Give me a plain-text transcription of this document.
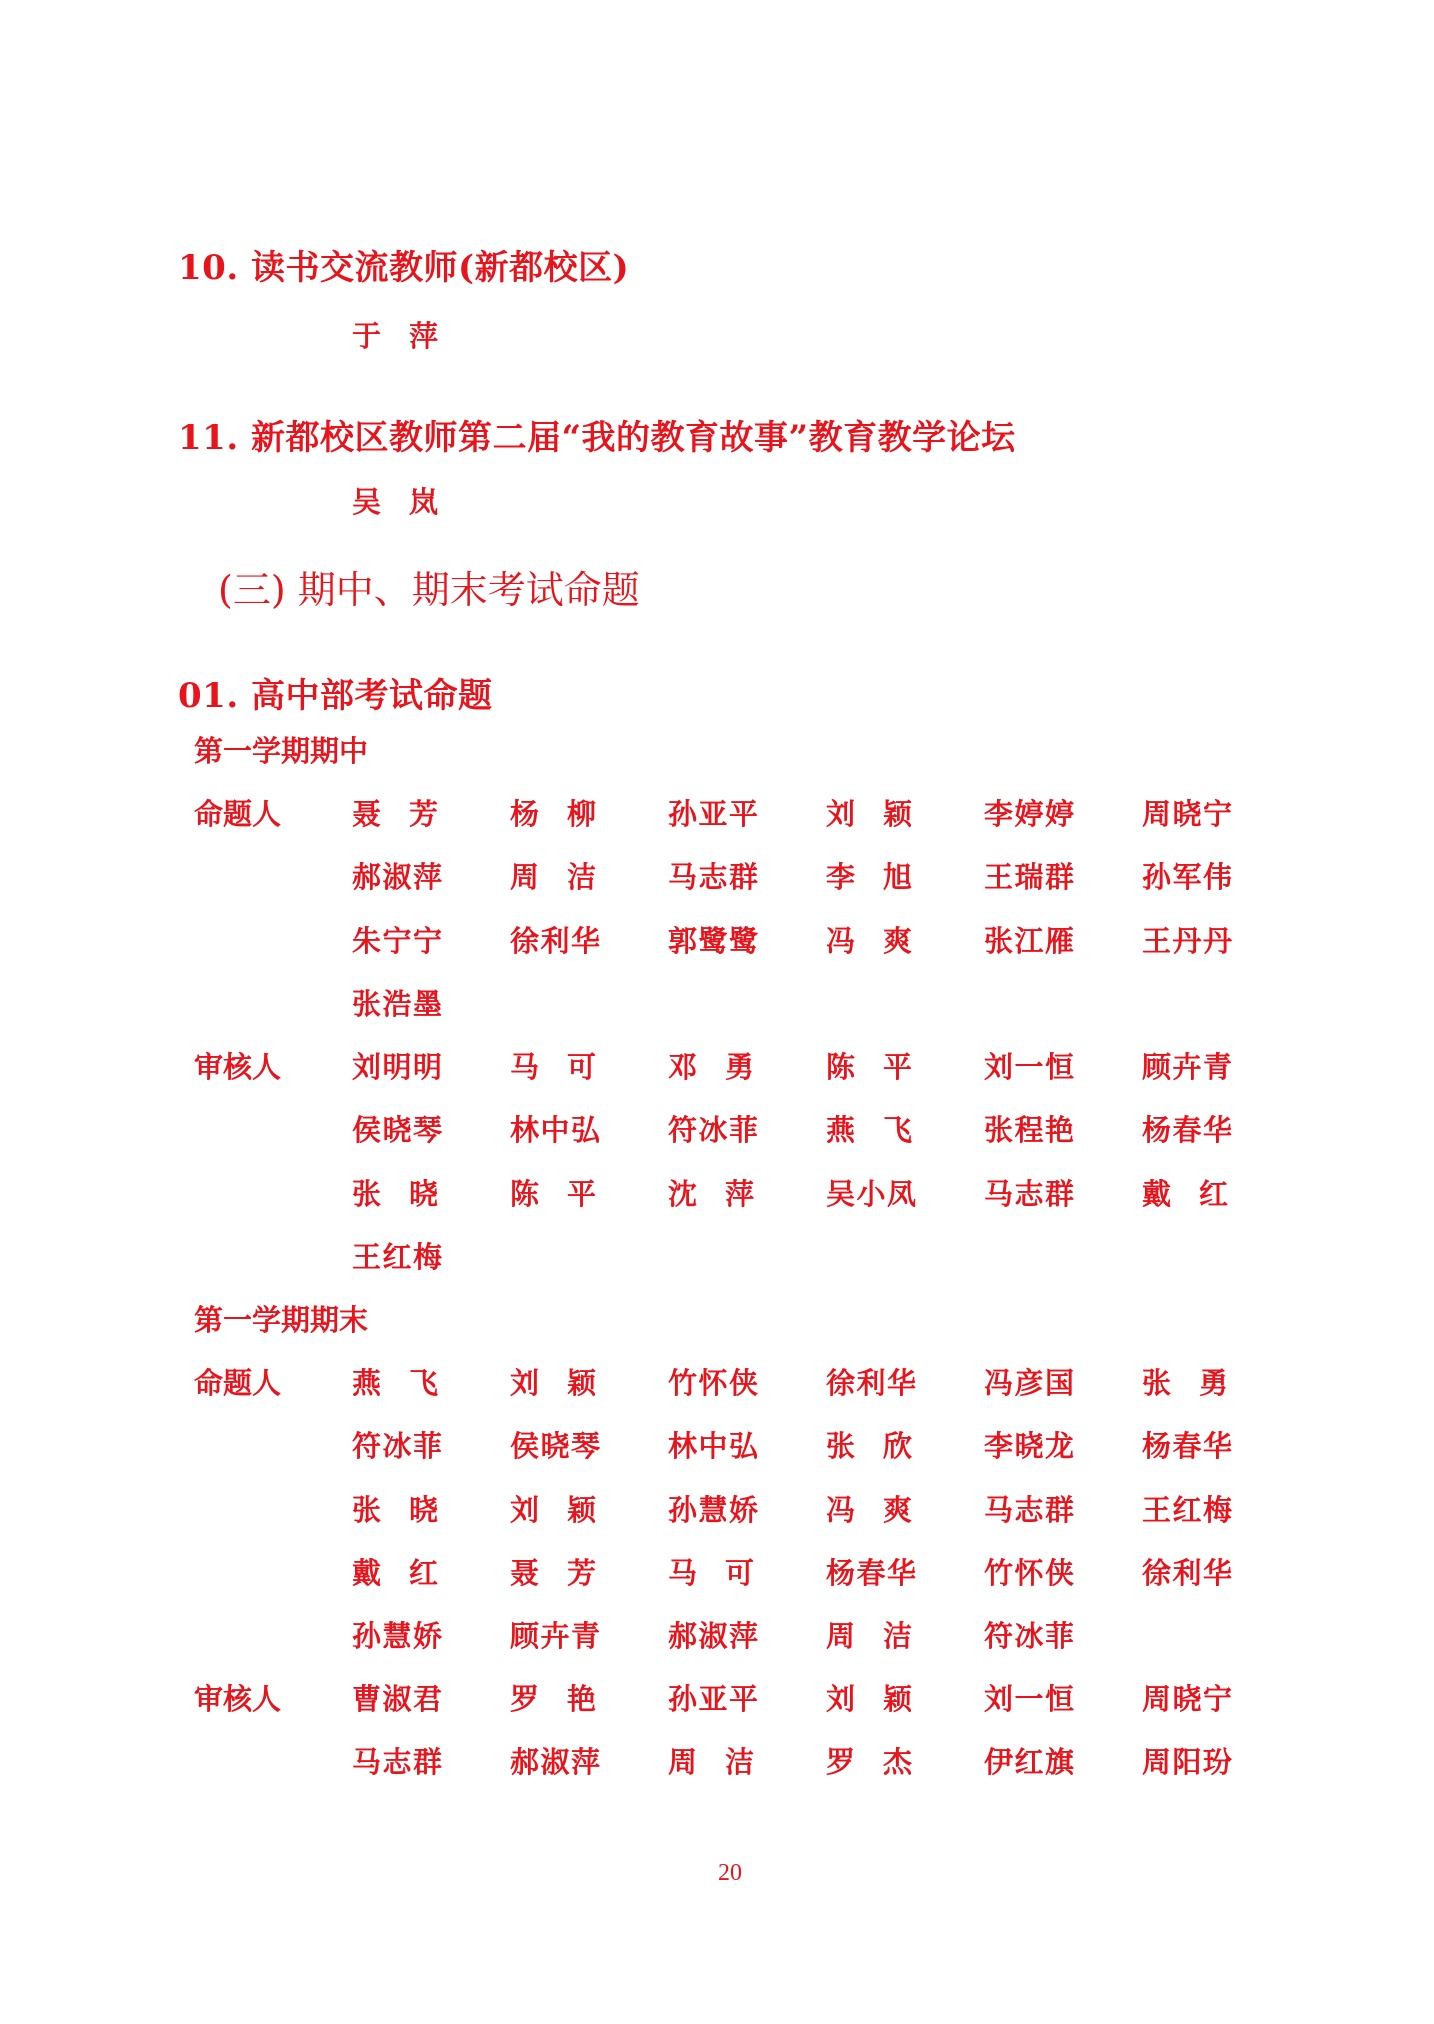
10. 读书交流教师(新都校区)
于 萍
11. 新都校区教师第二届“我的教育故事”教育教学论坛
吴 岚
(三) 期中、期末考试命题
01. 高中部考试命题
第一学期期中
命题人 聂 芳 杨 柳 孙 亚 平 刘 颖 李 婷 婷 周 晓 宁
郝 淑 萍 周 洁 马 志 群 李 旭 王 瑞 群 孙 军 伟
朱 宁 宁 徐 利 华 郭 鹭 鹭 冯 爽 张 江 雁 王 丹 丹
张 浩 墨
审核人 刘 明 明 马 可 邓 勇 陈 平 刘 一 恒 顾 卉 青
侯 晓 琴 林 中 弘 符 冰 菲 燕 飞 张 程 艳 杨 春 华
张 晓 陈 平 沈 萍 吴 小 凤 马 志 群 戴 红
王 红 梅
第一学期期末
命题人 燕 飞 刘 颖 竹 怀 侠 徐 利 华 冯 彦 国 张 勇
符 冰 菲 侯 晓 琴 林 中 弘 张 欣 李 晓 龙 杨 春 华
张 晓 刘 颖 孙 慧 娇 冯 爽 马 志 群 王 红 梅
戴 红 聂 芳 马 可 杨 春 华 竹 怀 侠 徐 利 华
孙 慧 娇 顾 卉 青 郝 淑 萍 周 洁 符 冰 菲
审核人 曹 淑 君 罗 艳 孙 亚 平 刘 颖 刘 一 恒 周 晓 宁
马 志 群 郝 淑 萍 周 洁 罗 杰 伊 红 旗 周 阳 玢
20
